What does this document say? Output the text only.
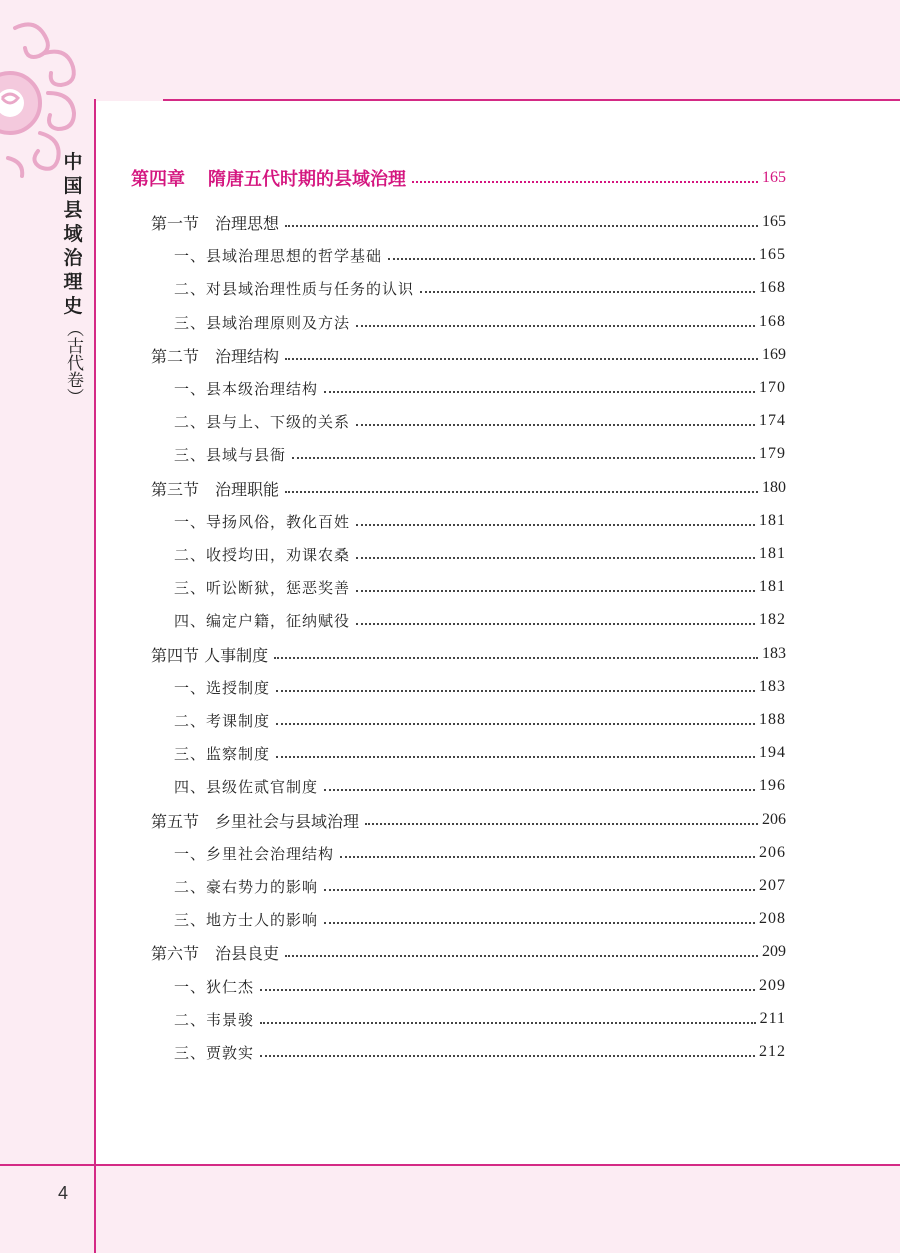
中
国
县
域
治
理
史
（古代卷）
第四章　 隋唐五代时期的县域治理	165
第一节　治理思想	165
一、县域治理思想的哲学基础	165
二、对县域治理性质与任务的认识	168
三、县域治理原则及方法	168
第二节　治理结构	169
一、县本级治理结构	170
二、县与上、下级的关系	174
三、县域与县衙	179
第三节　治理职能	180
一、导扬风俗，教化百姓	181
二、收授均田，劝课农桑	181
三、听讼断狱，惩恶奖善	181
四、编定户籍，征纳赋役	182
第四节 人事制度	183
一、选授制度	183
二、考课制度	188
三、监察制度	194
四、县级佐贰官制度	196
第五节　乡里社会与县域治理	206
一、乡里社会治理结构	206
二、豪右势力的影响	207
三、地方士人的影响	208
第六节　治县良吏	209
一、狄仁杰	209
二、韦景骏	211
三、贾敦实	212
4
